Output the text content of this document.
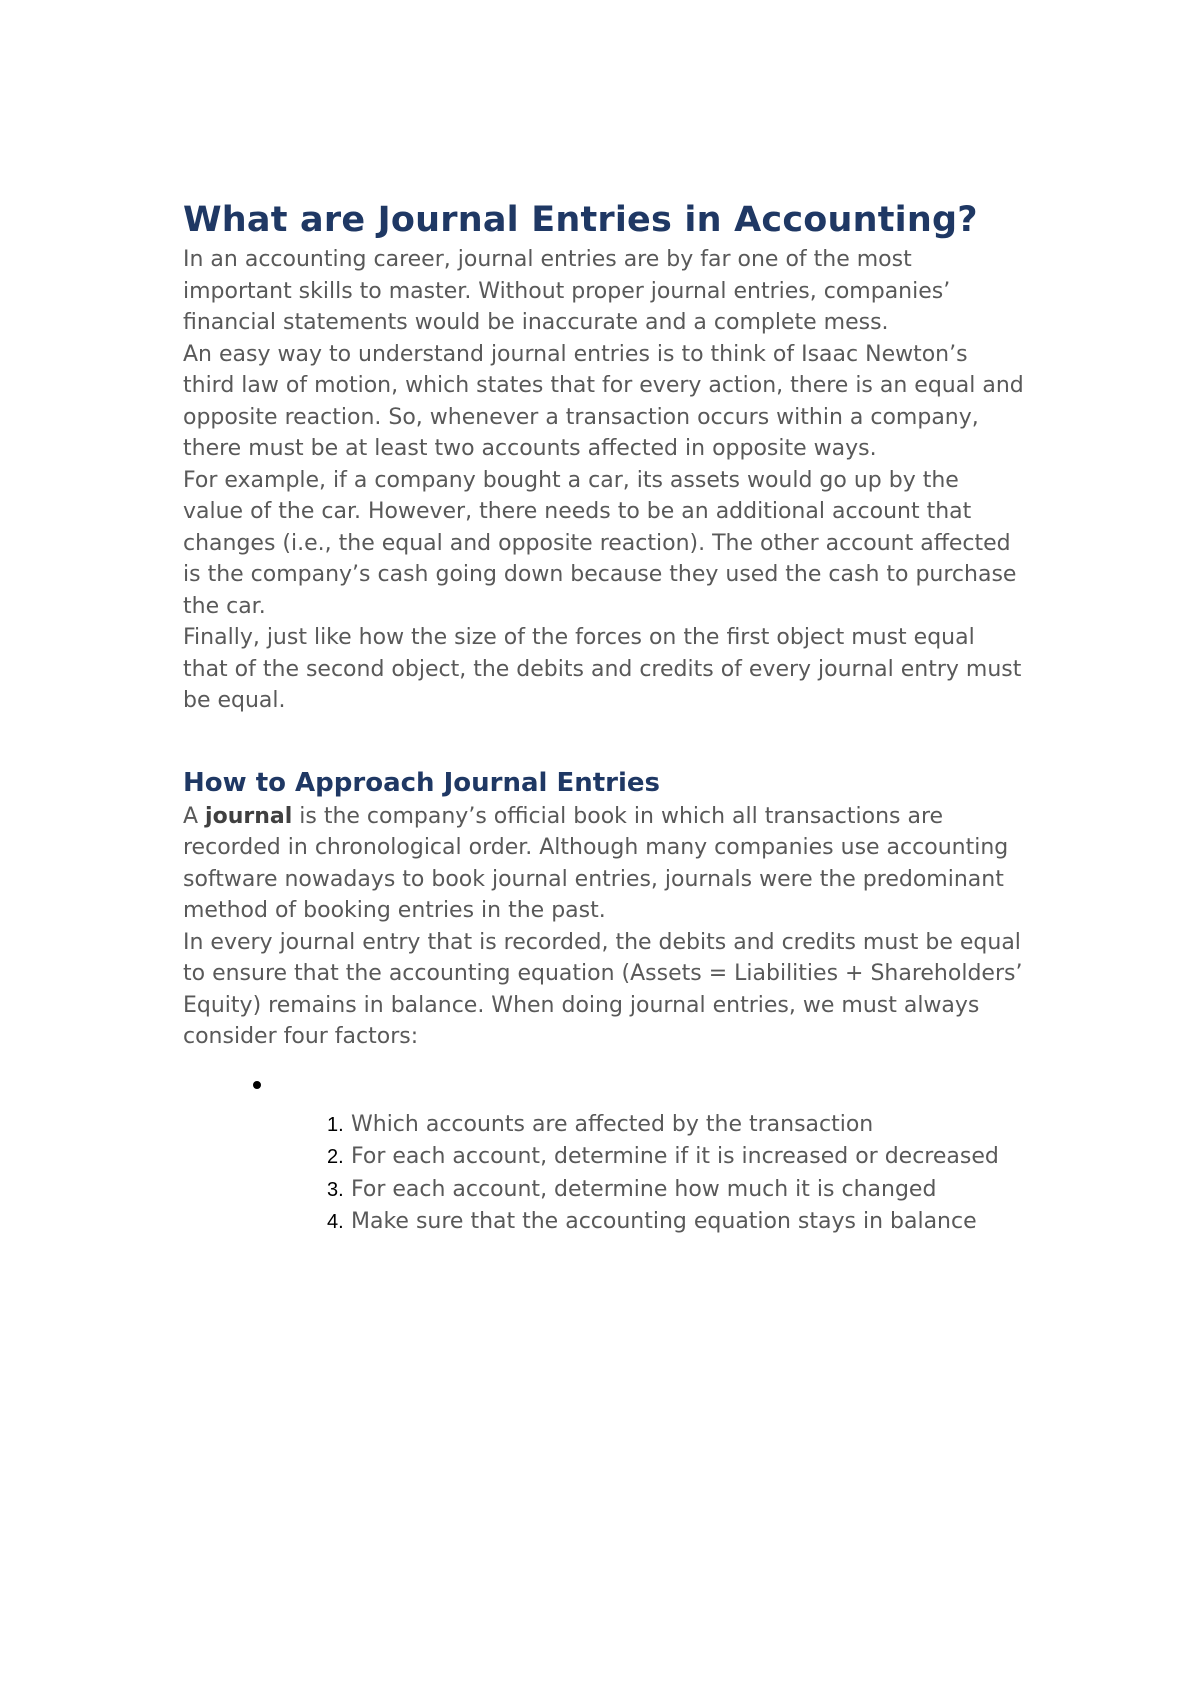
What are Journal Entries in Accounting?

In an accounting career, journal entries are by far one of the most important skills to master. Without proper journal entries, companies’ financial statements would be inaccurate and a complete mess.

An easy way to understand journal entries is to think of Isaac Newton’s third law of motion, which states that for every action, there is an equal and opposite reaction. So, whenever a transaction occurs within a company, there must be at least two accounts affected in opposite ways.

For example, if a company bought a car, its assets would go up by the value of the car. However, there needs to be an additional account that changes (i.e., the equal and opposite reaction). The other account affected is the company’s cash going down because they used the cash to purchase the car.

Finally, just like how the size of the forces on the first object must equal that of the second object, the debits and credits of every journal entry must be equal.

How to Approach Journal Entries

A journal is the company’s official book in which all transactions are recorded in chronological order. Although many companies use accounting software nowadays to book journal entries, journals were the predominant method of booking entries in the past.

In every journal entry that is recorded, the debits and credits must be equal to ensure that the accounting equation (Assets = Liabilities + Shareholders’ Equity) remains in balance. When doing journal entries, we must always consider four factors:

1. Which accounts are affected by the transaction
2. For each account, determine if it is increased or decreased
3. For each account, determine how much it is changed
4. Make sure that the accounting equation stays in balance
